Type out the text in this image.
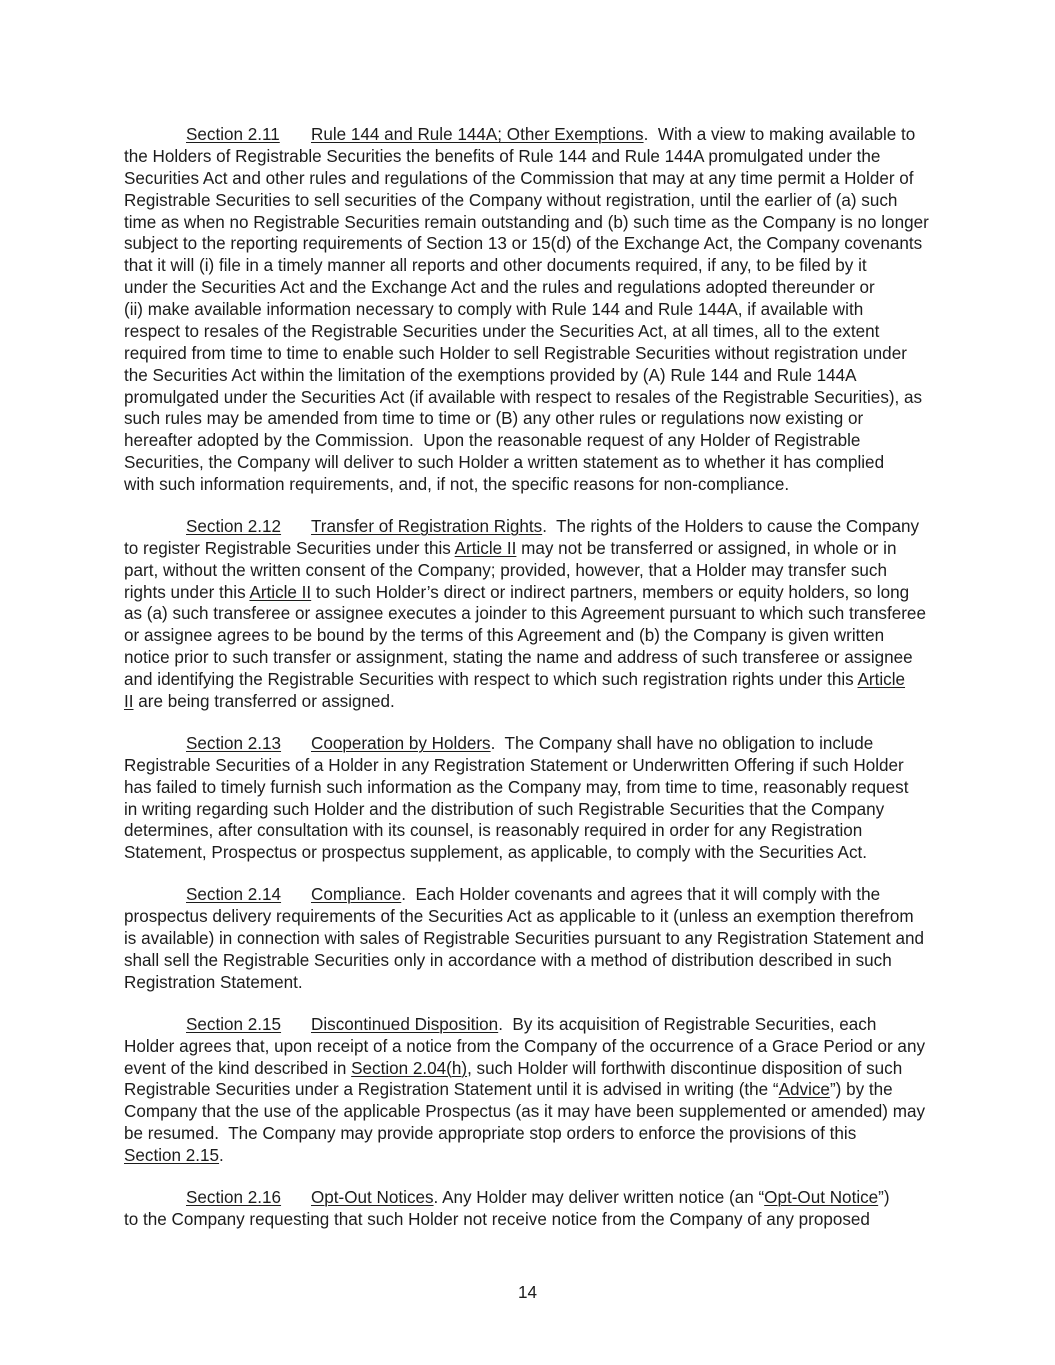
Section 2.11 Rule 144 and Rule 144A; Other Exemptions.  With a view to making available to
the Holders of Registrable Securities the benefits of Rule 144 and Rule 144A promulgated under the
Securities Act and other rules and regulations of the Commission that may at any time permit a Holder of
Registrable Securities to sell securities of the Company without registration, until the earlier of (a) such
time as when no Registrable Securities remain outstanding and (b) such time as the Company is no longer
subject to the reporting requirements of Section 13 or 15(d) of the Exchange Act, the Company covenants
that it will (i) file in a timely manner all reports and other documents required, if any, to be filed by it
under the Securities Act and the Exchange Act and the rules and regulations adopted thereunder or
(ii) make available information necessary to comply with Rule 144 and Rule 144A, if available with
respect to resales of the Registrable Securities under the Securities Act, at all times, all to the extent
required from time to time to enable such Holder to sell Registrable Securities without registration under
the Securities Act within the limitation of the exemptions provided by (A) Rule 144 and Rule 144A
promulgated under the Securities Act (if available with respect to resales of the Registrable Securities), as
such rules may be amended from time to time or (B) any other rules or regulations now existing or
hereafter adopted by the Commission.  Upon the reasonable request of any Holder of Registrable
Securities, the Company will deliver to such Holder a written statement as to whether it has complied
with such information requirements, and, if not, the specific reasons for non-compliance.
Section 2.12 Transfer of Registration Rights.  The rights of the Holders to cause the Company
to register Registrable Securities under this Article II may not be transferred or assigned, in whole or in
part, without the written consent of the Company; provided, however, that a Holder may transfer such
rights under this Article II to such Holder’s direct or indirect partners, members or equity holders, so long
as (a) such transferee or assignee executes a joinder to this Agreement pursuant to which such transferee
or assignee agrees to be bound by the terms of this Agreement and (b) the Company is given written
notice prior to such transfer or assignment, stating the name and address of such transferee or assignee
and identifying the Registrable Securities with respect to which such registration rights under this Article
II are being transferred or assigned.
Section 2.13 Cooperation by Holders.  The Company shall have no obligation to include
Registrable Securities of a Holder in any Registration Statement or Underwritten Offering if such Holder
has failed to timely furnish such information as the Company may, from time to time, reasonably request
in writing regarding such Holder and the distribution of such Registrable Securities that the Company
determines, after consultation with its counsel, is reasonably required in order for any Registration
Statement, Prospectus or prospectus supplement, as applicable, to comply with the Securities Act.
Section 2.14 Compliance.  Each Holder covenants and agrees that it will comply with the
prospectus delivery requirements of the Securities Act as applicable to it (unless an exemption therefrom
is available) in connection with sales of Registrable Securities pursuant to any Registration Statement and
shall sell the Registrable Securities only in accordance with a method of distribution described in such
Registration Statement.
Section 2.15 Discontinued Disposition.  By its acquisition of Registrable Securities, each
Holder agrees that, upon receipt of a notice from the Company of the occurrence of a Grace Period or any
event of the kind described in Section 2.04(h), such Holder will forthwith discontinue disposition of such
Registrable Securities under a Registration Statement until it is advised in writing (the “Advice”) by the
Company that the use of the applicable Prospectus (as it may have been supplemented or amended) may
be resumed.  The Company may provide appropriate stop orders to enforce the provisions of this
Section 2.15.
Section 2.16 Opt-Out Notices. Any Holder may deliver written notice (an “Opt-Out Notice”)
to the Company requesting that such Holder not receive notice from the Company of any proposed
14
